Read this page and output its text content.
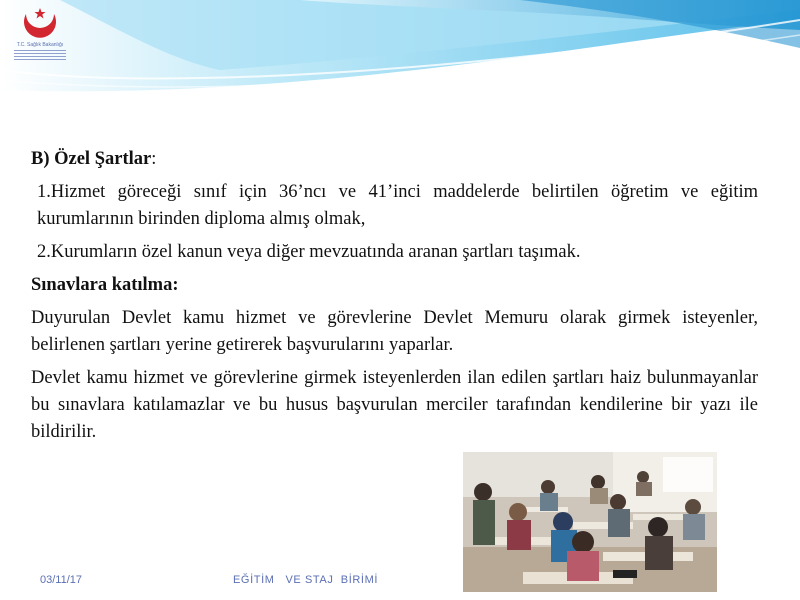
T.C. Sağlık Bakanlığı

B) Özel Şartlar:

1.Hizmet göreceği sınıf için 36’ncı ve 41’inci maddelerde belirtilen öğretim ve eğitim kurumlarının birinden diploma almış olmak,

2.Kurumların özel kanun veya diğer mevzuatında aranan şartları taşımak.

Sınavlara katılma:

Duyurulan Devlet kamu hizmet ve görevlerine Devlet Memuru olarak girmek isteyenler, belirlenen şartları yerine getirerek başvurularını yaparlar.

Devlet kamu hizmet ve görevlerine girmek isteyenlerden ilan edilen şartları haiz bulunmayanlar bu sınavlara katılamazlar ve bu husus başvurulan merciler tarafından kendilerine bir yazı ile bildirilir.

03/11/17	EĞİTİM   VE STAJ  BİRİMİ
